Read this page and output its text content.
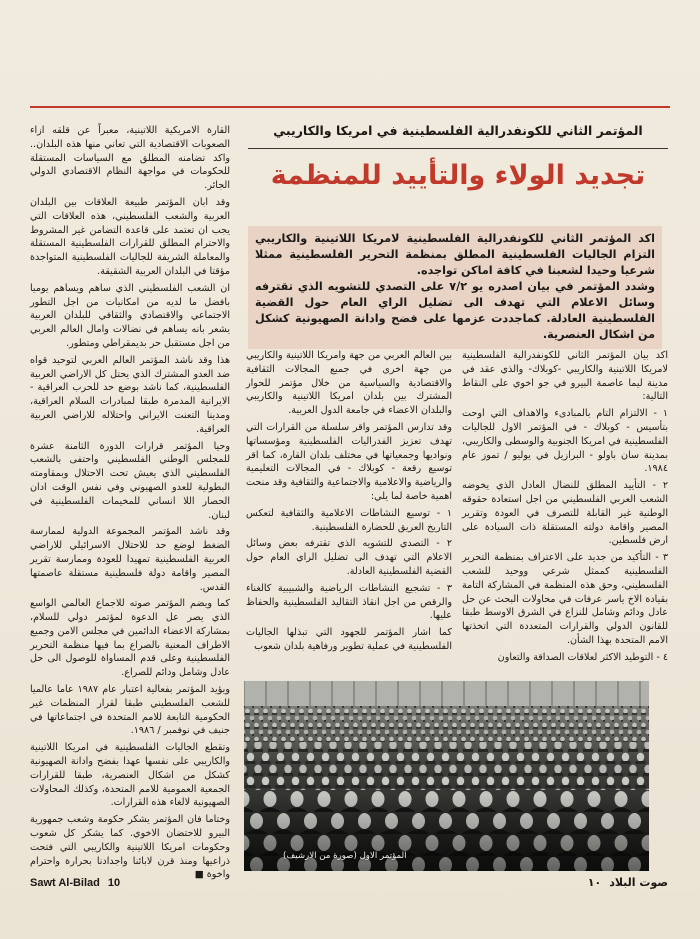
المؤتمر الثاني للكونفدرالية الفلسطينية في امريكا والكاريبي
تجديد الولاء والتأييد للمنظمة

اكد المؤتمر الثاني للكونفدرالية الفلسطينية لامريكا اللاتينية والكاريبي التزام الجاليات الفلسطينية المطلق بمنظمة التحرير الفلسطينية ممثلا شرعيا وحيدا لشعبنا في كافة اماكن تواجده.

وشدد المؤتمر في بيان اصدره يو ٧/٢ على التصدي للتشويه الذي تقترفه وسائل الاعلام التي تهدف الى تضليل الراي العام حول القضية الفلسطينية العادلة. كماجددت عزمها على فضح وادانة الصهيونية كشكل من اشكال العنصرية.

اكد بيان المؤتمر الثاني للكونفدرالية الفلسطينية لامريكا اللاتينية والكاريبي -كوبلاك- والذي عقد في مدينة ليما عاصمة البيرو في جو اخوي على النقاط التالية:

١ - الالتزام التام بالمبادىء والاهداف التي اوحت بتأسيس - كوبلاك - في المؤتمر الاول للجاليات الفلسطينية في امريكا الجنوبية والوسطى والكاريبي، بمدينة سان باولو - البرازيل في يوليو / تموز عام ١٩٨٤.

٢ - التأييد المطلق للنضال العادل الذي يخوضه الشعب العربي الفلسطيني من اجل استعادة حقوقه الوطنية غير القابلة للتصرف في العودة وتقرير المصير واقامة دولته المستقلة ذات السيادة على ارض فلسطين.

٣ - التأكيد من جديد على الاعتراف بمنظمة التحرير الفلسطينية كممثل شرعي ووحيد للشعب الفلسطيني، وحق هذه المنظمة في المشاركة التامة بقيادة الاخ ياسر عرفات في محاولات البحث عن حل عادل ودائم وشامل للنزاع في الشرق الاوسط طبقا للقانون الدولي والقرارات المتعددة التي اتخذتها الامم المتحدة بهذا الشأن.

٤ - التوطيد الاكثر لعلاقات الصداقة والتعاون

بين العالم العربي من جهة وامريكا اللاتينية والكاريبي من جهة اخرى في جميع المجالات الثقافية والاقتصادية والسياسية من خلال مؤتمر للحوار المشترك بين بلدان امريكا اللاتينية والكاريبي والبلدان الاعضاء في جامعة الدول العربية.

وقد تدارس المؤتمر واقر سلسلة من القرارات التي تهدف تعزيز الفدراليات الفلسطينية ومؤسساتها ونواديها وجمعياتها في مختلف بلدان القارة، كما اقر توسيع رقعة - كوبلاك - في المجالات التعليمية والرياضية والاعلامية والاجتماعية والثقافية وقد منحت اهمية خاصة لما يلي:

١ - توسيع النشاطات الاعلامية والثقافية لتعكس التاريخ العريق للحضارة الفلسطينية.

٢ - التصدي للتشويه الذي تقترفه بعض وسائل الاعلام التي تهدف الى تضليل الراي العام حول القضية الفلسطينية العادلة.

٣ - تشجيع النشاطات الرياضية والشبيبية كالغناء والرقص من اجل انقاذ التقاليد الفلسطينية والحفاظ عليها.

كما اشار المؤتمر للجهود التي تبذلها الجاليات الفلسطينية في عملية تطوير ورفاهية بلدان شعوب

القارة الامريكية اللاتينية، معبراً عن قلقه ازاء الصعوبات الاقتصادية التي تعاني منها هذه البلدان.. واكد تضامنه المطلق مع السياسات المستقلة للحكومات في مواجهة النظام الاقتصادي الدولي الجائر.

وقد ابان المؤتمر طبيعة العلاقات بين البلدان العربية والشعب الفلسطيني، هذه العلاقات التي يجب ان تعتمد على قاعدة التضامن غير المشروط والاحترام المطلق للقرارات الفلسطينية المستقلة والمعاملة الشريفة للجاليات الفلسطينية المتواجدة مؤقتا في البلدان العربية الشقيقة.

ان الشعب الفلسطيني الذي ساهم ويساهم يوميا بافضل ما لديه من امكانيات من اجل التطور الاجتماعي والاقتصادي والثقافي للبلدان العربية يشعر بانه يساهم في نضالات وامال العالم العربي من اجل مستقبل حر بديمقراطي ومتطور.

هذا وقد ناشد المؤتمر العالم العربي لتوحيد قواه ضد العدو المشترك الذي يحتل كل الاراضي العربية الفلسطينية، كما ناشد بوضع حد للحرب العراقية - الايرانية المدمرة طبقا لمبادرات السلام العراقية، ومدينا التعنت الايراني واحتلاله للاراضي العربية العراقية.

وحيا المؤتمر قرارات الدورة الثامنة عشرة للمجلس الوطني الفلسطيني واحتفى بالشعب الفلسطيني الذي يعيش تحت الاحتلال وبمقاومته البطولية للعدو الصهيوني وفي نفس الوقت ادان الحصار اللا انساني للمخيمات الفلسطينية في لبنان.

وقد ناشد المؤتمر المجموعة الدولية لممارسة الضغط لوضع حد للاحتلال الاسرائيلي للاراضي العربية الفلسطينية تمهيدا للعودة وممارسة تقرير المصير واقامة دولة فلسطينية مستقلة عاصمتها القدس.

كما ويضم المؤتمر صوته للاجماع العالمي الواسع الذي يصر عل الدعوة لمؤتمر دولي للسلام، بمشاركة الاعضاء الدائمين في مجلس الامن وجميع الاطراف المعنية بالصراع بما فيها منظمة التحرير الفلسطينية وعلى قدم المساواة للوصول الى حل عادل وشامل ودائم للصراع.

ويؤيد المؤتمر بفعالية اعتبار عام ١٩٨٧ عاما عالميا للشعب الفلسطيني طبقا لقرار المنظمات غير الحكومية التابعة للامم المتحدة في اجتماعاتها في جنيف في نوفمبر / ١٩٨٦.

وتقطع الجاليات الفلسطينية في امريكا اللاتينية والكاريبي على نفسها عهدا بفضح وادانة الصهيونية كشكل من اشكال العنصرية، طبقا للقرارات الجمعية العمومية للامم المتحدة، وكذلك المحاولات الصهيونية لالغاء هذه القرارات.

وختاما فان المؤتمر يشكر حكومة وشعب جمهورية البيرو للاحتضان الاخوي. كما يشكر كل شعوب وحكومات امريكا اللاتينية والكاريبي التي فتحت ذراعيها ومنذ قرن لابائنا واجدادنا بحرارة واحترام واخوة ■

المؤتمر الاول (صورة من الارشيف)
Sawt Al-Bilad 10	صوت البلاد١٠
